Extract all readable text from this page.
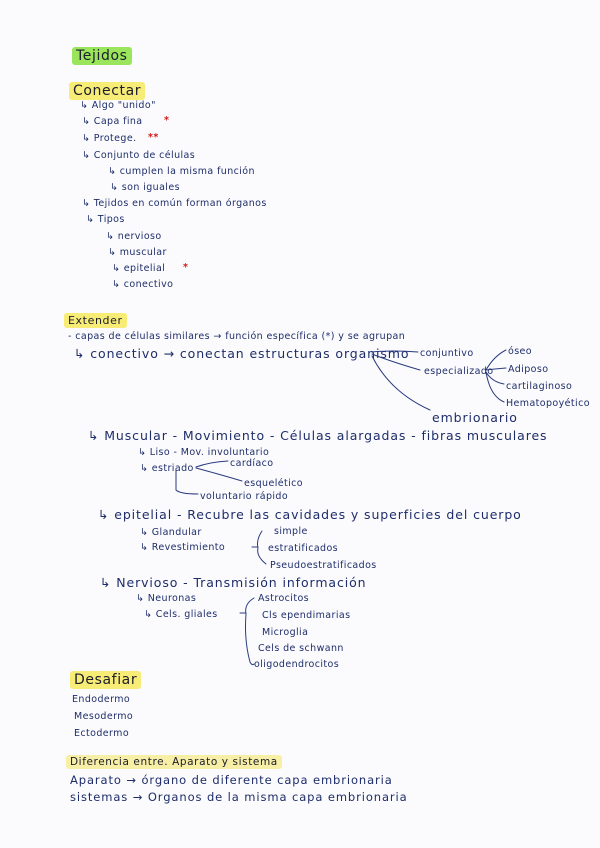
Tejidos
Conectar
↳ Algo "unido"
↳ Capa fina *
↳ Protege. **
↳ Conjunto de células
↳ cumplen la misma función
↳ son iguales
↳ Tejidos en común forman órganos
↳ Tipos
↳ nervioso
↳ muscular
↳ epitelial *
↳ conectivo
Extender
- capas de células similares → función específica (*) y se agrupan
↳ conectivo → conectan estructuras organismo conjuntivo
especializado
óseo
Adiposo
cartilaginoso
Hematopoyético
embrionario
↳ Muscular - Movimiento - Células alargadas - fibras musculares
↳ Liso - Mov. involuntario
↳ estriado	cardíaco
esquelético
voluntario rápido
↳ epitelial - Recubre las cavidades y superficies del cuerpo
↳ Glandular
↳ Revestimiento
simple
estratificados
Pseudoestratificados
↳ Nervioso - Transmisión información
↳ Neuronas
↳ Cels. gliales
Astrocitos
Cls ependimarias
Microglia
Cels de schwann
oligodendrocitos
Desafiar
Endodermo
Mesodermo
Ectodermo
Diferencia entre. Aparato y sistema
Aparato → órgano de diferente capa embrionaria
sistemas → Organos de la misma capa embrionaria
